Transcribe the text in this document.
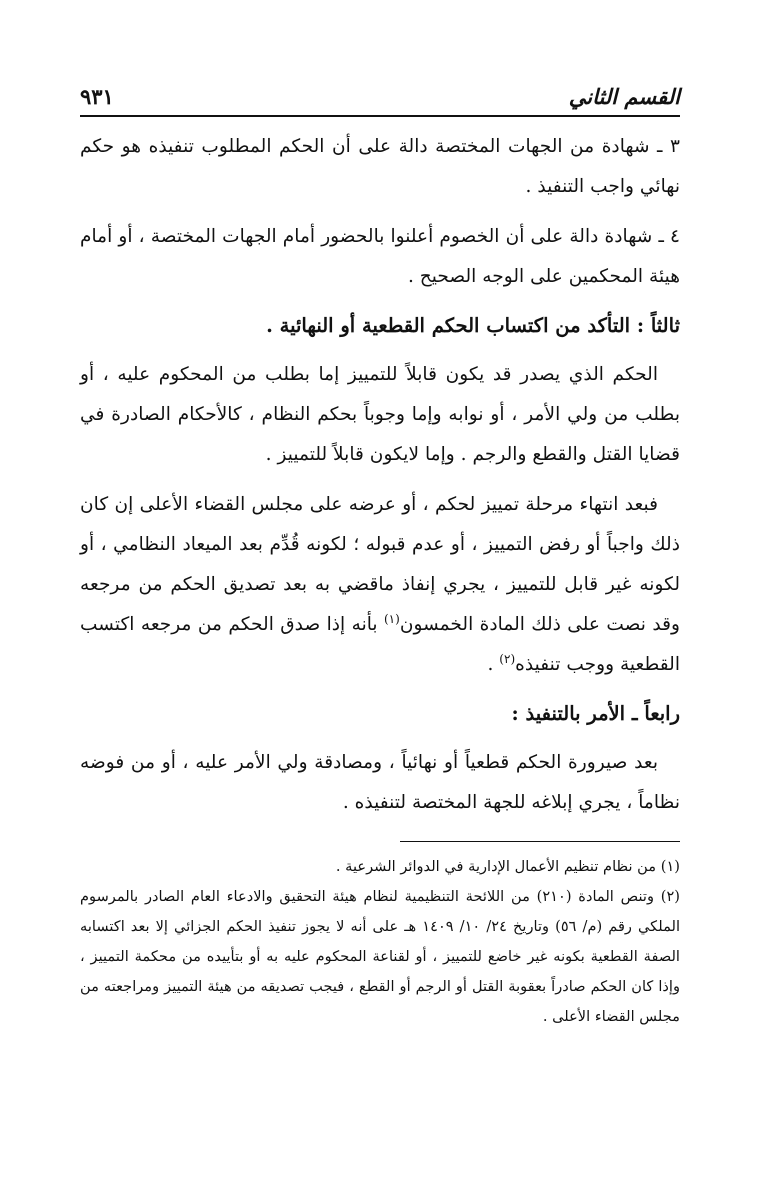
القسم الثاني
٩٣١

٣ ـ شهادة من الجهات المختصة دالة على أن الحكم المطلوب تنفيذه هو حكم نهائي واجب التنفيذ .

٤ ـ شهادة دالة على أن الخصوم أعلنوا بالحضور أمام الجهات المختصة ، أو أمام هيئة المحكمين على الوجه الصحيح .

ثالثاً : التأكد من اكتساب الحكم القطعية أو النهائية .

الحكم الذي يصدر قد يكون قابلاً للتمييز إما بطلب من المحكوم عليه ، أو بطلب من ولي الأمر ، أو نوابه وإما وجوباً بحكم النظام ، كالأحكام الصادرة في قضايا القتل والقطع والرجم . وإما لايكون قابلاً للتمييز .

فبعد انتهاء مرحلة تمييز لحكم ، أو عرضه على مجلس القضاء الأعلى إن كان ذلك واجباً أو رفض التمييز ، أو عدم قبوله ؛ لكونه قُدِّم بعد الميعاد النظامي ، أو لكونه غير قابل للتمييز ، يجري إنفاذ ماقضي به بعد تصديق الحكم من مرجعه وقد نصت على ذلك المادة الخمسون$^{(١)}$ بأنه إذا صدق الحكم من مرجعه اكتسب القطعية ووجب تنفيذه$^{(٢)}$ .

رابعاً ـ الأمر بالتنفيذ :

بعد صيرورة الحكم قطعياً أو نهائياً ، ومصادقة ولي الأمر عليه ، أو من فوضه نظاماً ، يجري إبلاغه للجهة المختصة لتنفيذه .

(١) من نظام تنظيم الأعمال الإدارية في الدوائر الشرعية .

(٢) وتنص المادة (٢١٠) من اللائحة التنظيمية لنظام هيئة التحقيق والادعاء العام الصادر بالمرسوم الملكي رقم (م/ ٥٦) وتاريخ ٢٤/ ١٠/ ١٤٠٩ هـ على أنه لا يجوز تنفيذ الحكم الجزائي إلا بعد اكتسابه الصفة القطعية بكونه غير خاضع للتمييز ، أو لقناعة المحكوم عليه به أو بتأييده من محكمة التمييز ، وإذا كان الحكم صادراً بعقوبة القتل أو الرجم أو القطع ، فيجب تصديقه من هيئة التمييز ومراجعته من مجلس القضاء الأعلى .
